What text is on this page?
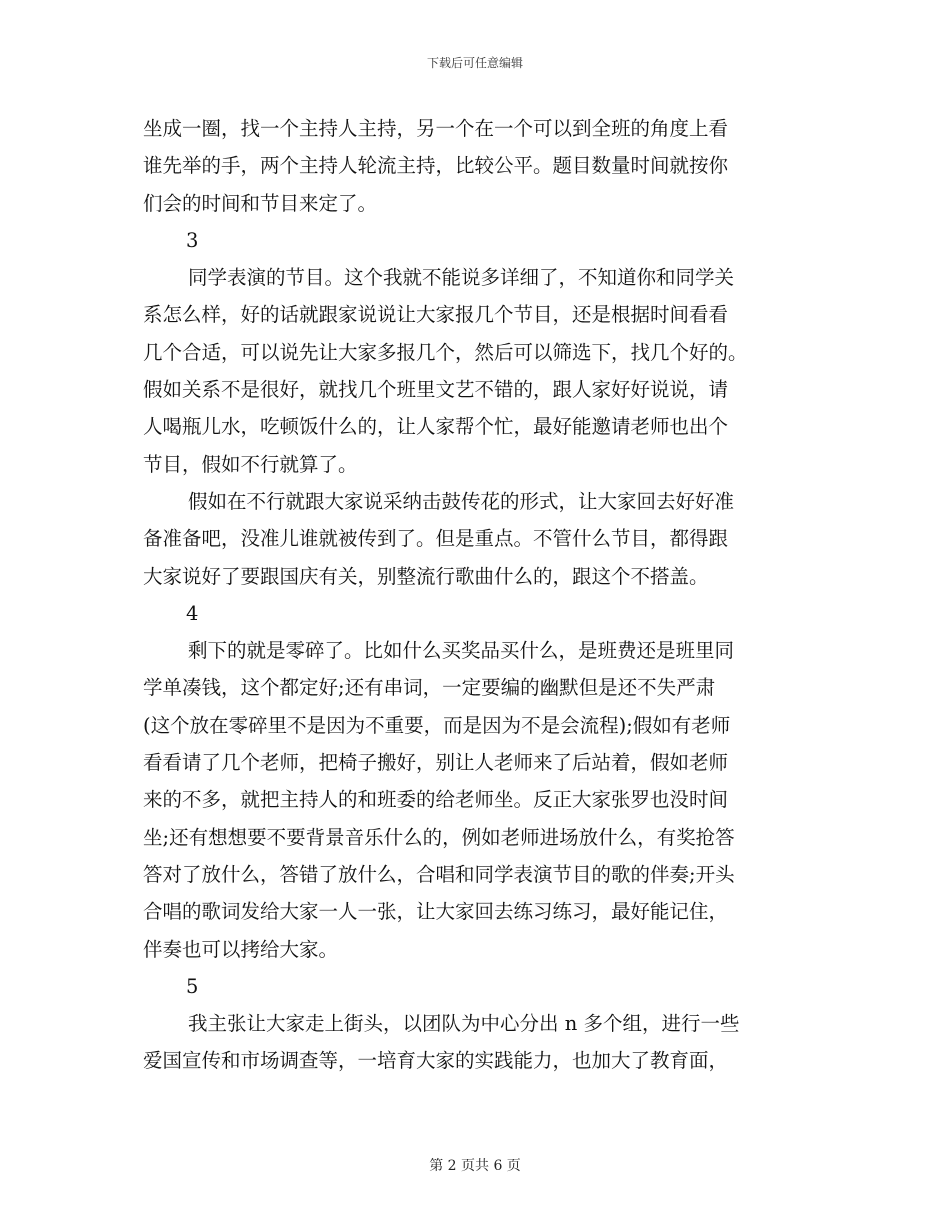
下载后可任意编辑
坐成一圈，找一个主持人主持，另一个在一个可以到全班的角度上看
谁先举的手，两个主持人轮流主持，比较公平。题目数量时间就按你
们会的时间和节目来定了。
3
同学表演的节目。这个我就不能说多详细了，不知道你和同学关
系怎么样，好的话就跟家说说让大家报几个节目，还是根据时间看看
几个合适，可以说先让大家多报几个，然后可以筛选下，找几个好的。
假如关系不是很好，就找几个班里文艺不错的，跟人家好好说说，请
人喝瓶儿水，吃顿饭什么的，让人家帮个忙，最好能邀请老师也出个
节目，假如不行就算了。
假如在不行就跟大家说采纳击鼓传花的形式，让大家回去好好准
备准备吧，没准儿谁就被传到了。但是重点。不管什么节目，都得跟
大家说好了要跟国庆有关，别整流行歌曲什么的，跟这个不搭盖。
4
剩下的就是零碎了。比如什么买奖品买什么，是班费还是班里同
学单凑钱，这个都定好;还有串词，一定要编的幽默但是还不失严肃
(这个放在零碎里不是因为不重要，而是因为不是会流程);假如有老师
看看请了几个老师，把椅子搬好，别让人老师来了后站着，假如老师
来的不多，就把主持人的和班委的给老师坐。反正大家张罗也没时间
坐;还有想想要不要背景音乐什么的，例如老师进场放什么，有奖抢答
答对了放什么，答错了放什么，合唱和同学表演节目的歌的伴奏;开头
合唱的歌词发给大家一人一张，让大家回去练习练习，最好能记住，
伴奏也可以拷给大家。
5
我主张让大家走上街头，以团队为中心分出 n 多个组，进行一些
爱国宣传和市场调查等，一培育大家的实践能力，也加大了教育面，
第 2 页共 6 页
